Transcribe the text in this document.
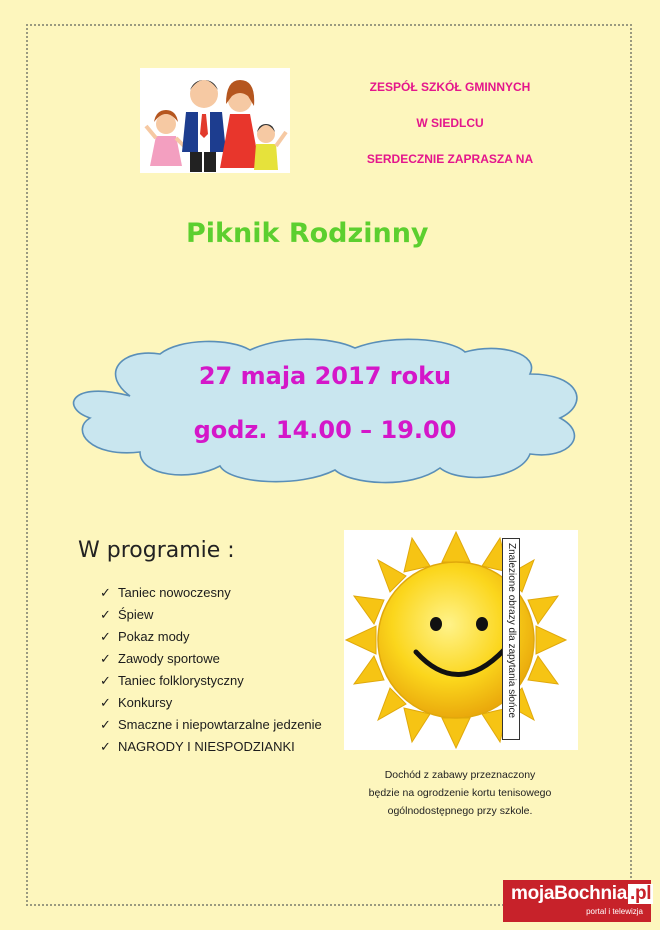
ZESPÓŁ SZKÓŁ GMINNYCH
W SIEDLCU
SERDECZNIE ZAPRASZA NA
Piknik Rodzinny
27 maja 2017 roku
godz. 14.00 – 19.00
W programie :
✓ Taniec nowoczesny
✓ Śpiew
✓ Pokaz mody
✓ Zawody sportowe
✓ Taniec folklorystyczny
✓ Konkursy
✓ Smaczne i niepowtarzalne jedzenie
✓ NAGRODY I NIESPODZIANKI
Znalezione obrazy dla zapytania słońce
Dochód z zabawy przeznaczony
będzie na ogrodzenie kortu tenisowego
ogólnodostępnego przy szkole.
mojaBochnia .pl
portal i telewizja
